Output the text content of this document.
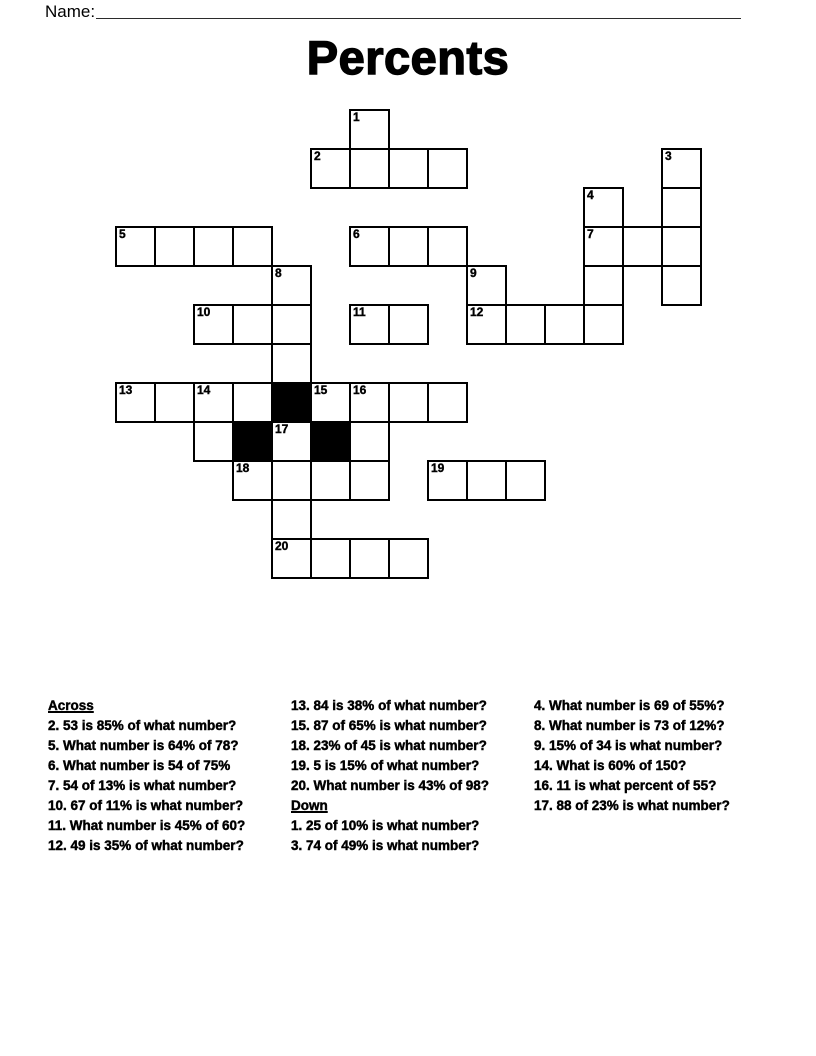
Name:
Percents
1
2	3
4
5	6	7
8	9
10	11	12
13	14	15 16
17
18	19
20
Across

2. 53 is 85% of what number?

5. What number is 64% of 78?

6. What number is 54 of 75%

7. 54 of 13% is what number?

10. 67 of 11% is what number?

11. What number is 45% of 60?

12. 49 is 35% of what number?

13. 84 is 38% of what number?

15. 87 of 65% is what number?

18. 23% of 45 is what number?

19. 5 is 15% of what number?

20. What number is 43% of 98?

Down

1. 25 of 10% is what number?

3. 74 of 49% is what number?

4. What number is 69 of 55%?

8. What number is 73 of 12%?

9. 15% of 34 is what number?

14. What is 60% of 150?

16. 11 is what percent of 55?

17. 88 of 23% is what number?
